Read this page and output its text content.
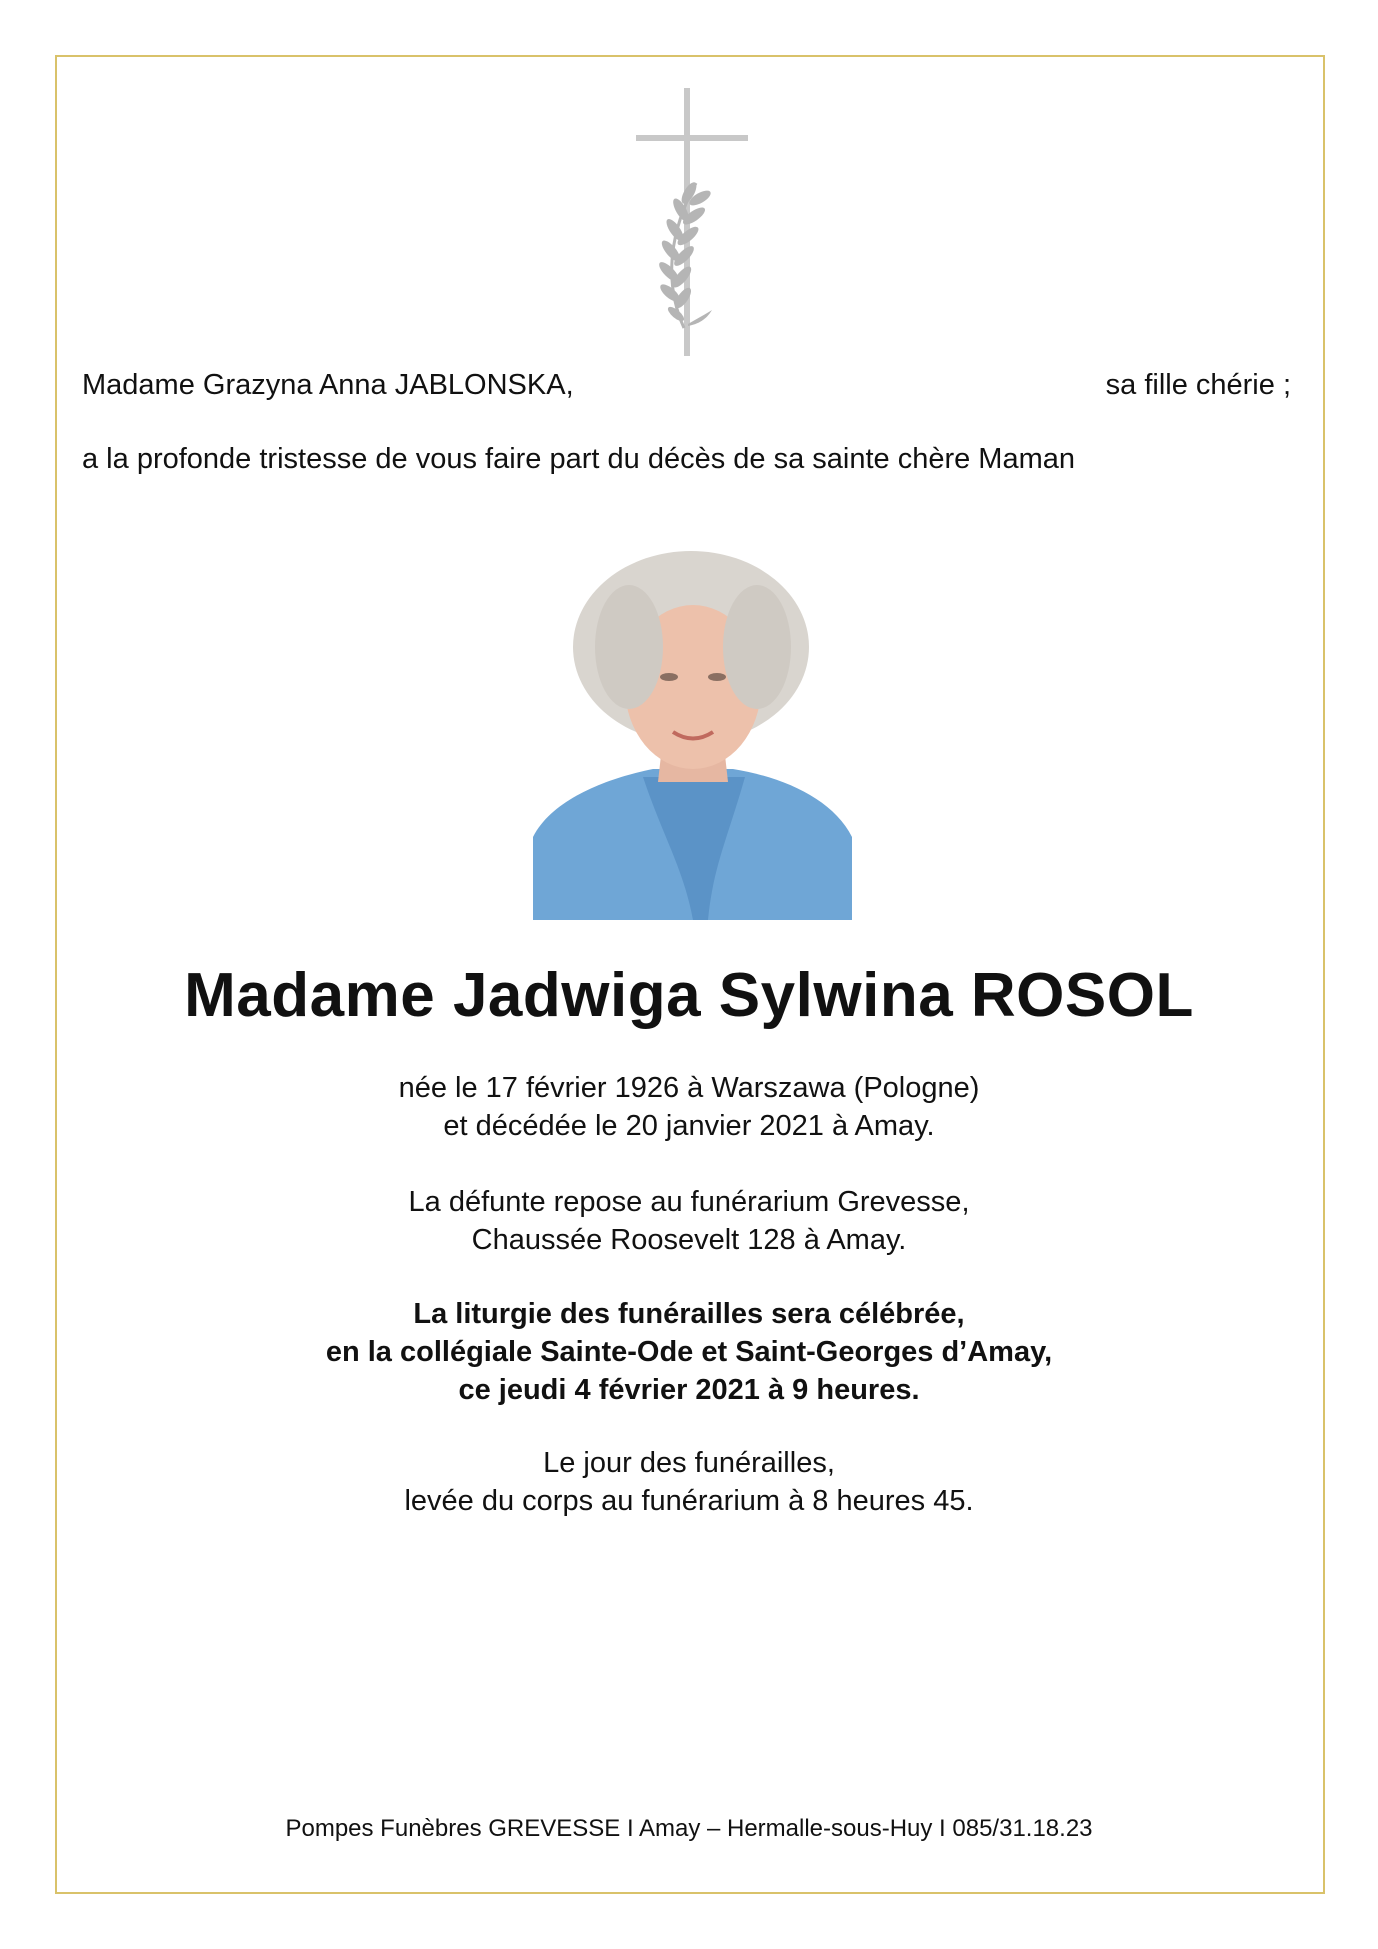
Madame Grazyna Anna JABLONSKA,	sa fille chérie ;
a la profonde tristesse de vous faire part du décès de sa sainte chère Maman
Madame Jadwiga Sylwina ROSOL
née le 17 février 1926 à Warszawa (Pologne)
et décédée le 20 janvier 2021 à Amay.
La défunte repose au funérarium Grevesse,
Chaussée Roosevelt 128 à Amay.
La liturgie des funérailles sera célébrée,
en la collégiale Sainte-Ode et Saint-Georges d’Amay,
ce jeudi 4 février 2021 à 9 heures.
Le jour des funérailles,
levée du corps au funérarium à 8 heures 45.
Pompes Funèbres GREVESSE I Amay – Hermalle-sous-Huy I 085/31.18.23
